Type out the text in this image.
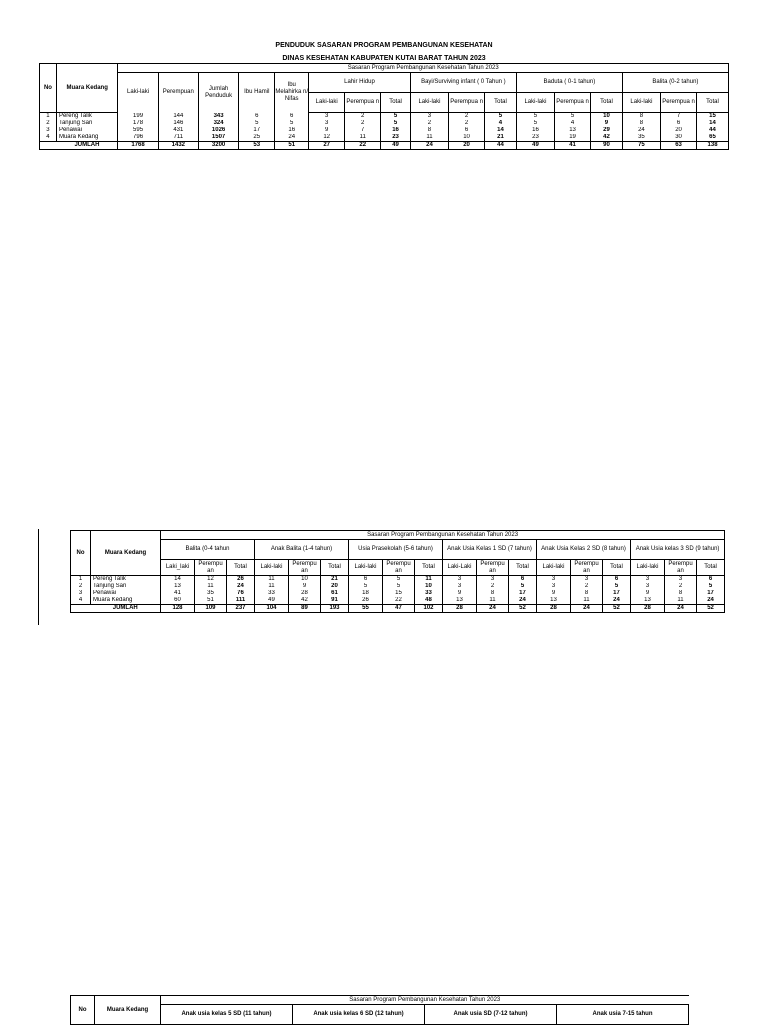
PENDUDUK SASARAN PROGRAM PEMBANGUNAN KESEHATAN
DINAS KESEHATAN KABUPATEN KUTAI BARAT TAHUN 2023
No	Muara Kedang	Sasaran Program Pembangunan Kesehatan Tahun 2023																
		Laki-laki	Perempuan	Jumlah Penduduk	Ibu Hamil	Ibu Melahirka n/ Nifas	Lahir Hidup			Bayi/Surviving infant ( 0 Tahun )			Baduta ( 0-1 tahun)			Balita (0-2 tahun)		
							Laki-laki	Perempua n	Total	Laki-laki	Perempua n	Total	Laki-laki	Perempua n	Total	Laki-laki	Perempua n	Total
1	Pereng Talik	199	144	343	6	6	3	2	5	3	2	5	5	5	10	8	7	15
2	Tanjung Sari	178	146	324	5	5	3	2	5	2	2	4	5	4	9	8	6	14
3	Penawai	595	431	1026	17	16	9	7	16	8	6	14	16	13	29	24	20	44
4	Muara Kedang	796	711	1507	25	24	12	11	23	11	10	21	23	19	42	35	30	65
	JUMLAH	1768	1432	3200	53	51	27	22	49	24	20	44	49	41	90	75	63	138
No	Muara Kedang	Sasaran Program Pembangunan Kesehatan Tahun 2023																	
		Balita (0-4 tahun			Anak Balita (1-4 tahun)			Usia Prasekolah (5-6 tahun)			Anak Usia Kelas 1 SD (7 tahun)			Anak Usia Kelas 2 SD (8 tahun)			Anak Usia kelas 3 SD (9 tahun)		
		Laki_laki	Perempu an	Total	Laki-laki	Perempu an	Total	Laki-laki	Perempu an	Total	Laki-Laki	Perempu an	Total	Laki-laki	Perempu an	Total	Laki-laki	Perempu an	Total
1	Pereng Talik	14	12	26	11	10	21	6	5	11	3	3	6	3	3	6	3	3	6
2	Tanjung Sari	13	11	24	11	9	20	5	5	10	3	2	5	3	2	5	3	2	5
3	Penawai	41	35	76	33	28	61	18	15	33	9	8	17	9	8	17	9	8	17
4	Muara Kedang	60	51	111	49	42	91	26	22	48	13	11	24	13	11	24	13	11	24
	JUMLAH	128	109	237	104	89	193	55	47	102	28	24	52	28	24	52	28	24	52
No	Muara Kedang	Sasaran Program Pembangunan Kesehatan Tahun 2023			
		Anak usia kelas 5 SD (11 tahun)	Anak usia kelas 6 SD (12 tahun)	Anak usia SD (7-12 tahun)	Anak usia 7-15 tahun
